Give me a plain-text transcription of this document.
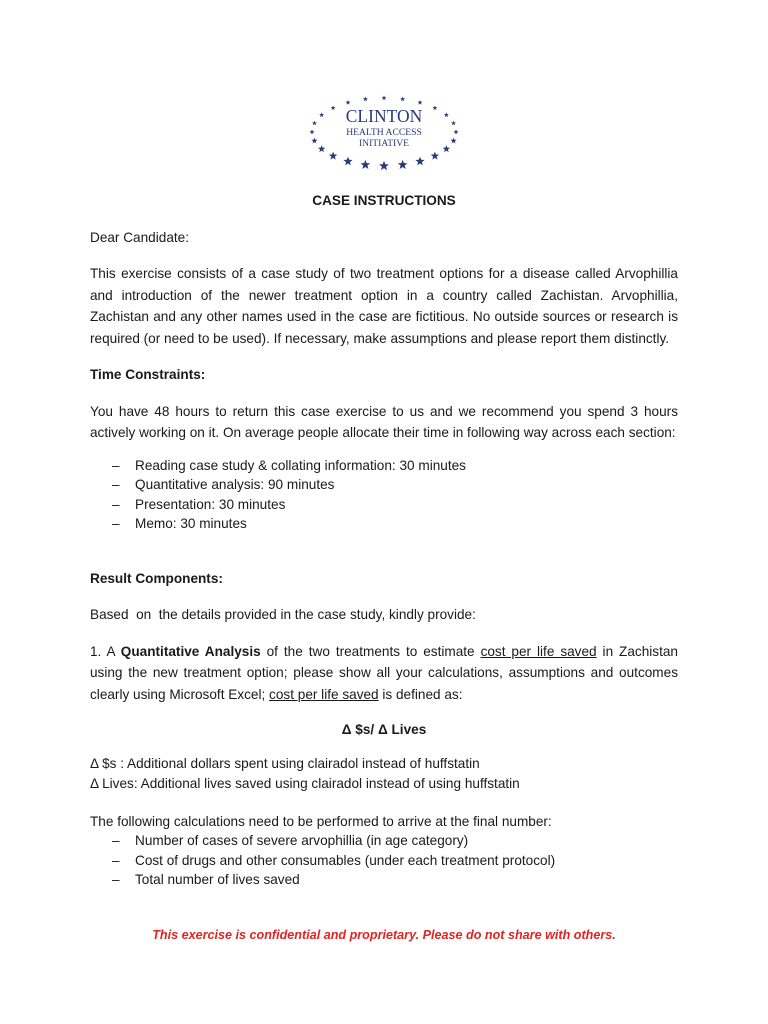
CLINTON
HEALTH ACCESS
INITIATIVE

CASE INSTRUCTIONS

Dear Candidate:

This exercise consists of a case study of two treatment options for a disease called Arvophillia and introduction of the newer treatment option in a country called Zachistan. Arvophillia, Zachistan and any other names used in the case are fictitious. No outside sources or research is required (or need to be used). If necessary, make assumptions and please report them distinctly.

Time Constraints:

You have 48 hours to return this case exercise to us and we recommend you spend 3 hours actively working on it. On average people allocate their time in following way across each section:

– Reading case study & collating information: 30 minutes
– Quantitative analysis: 90 minutes
– Presentation: 30 minutes
– Memo: 30 minutes

Result Components:

Based  on  the details provided in the case study, kindly provide:

1. A Quantitative Analysis of the two treatments to estimate cost per life saved in Zachistan using the new treatment option; please show all your calculations, assumptions and outcomes clearly using Microsoft Excel; cost per life saved is defined as:

Δ $s/ Δ Lives

Δ $s : Additional dollars spent using clairadol instead of huffstatin

Δ Lives: Additional lives saved using clairadol instead of using huffstatin

The following calculations need to be performed to arrive at the final number:

– Number of cases of severe arvophillia (in age category)
– Cost of drugs and other consumables (under each treatment protocol)
– Total number of lives saved
This exercise is confidential and proprietary. Please do not share with others.
